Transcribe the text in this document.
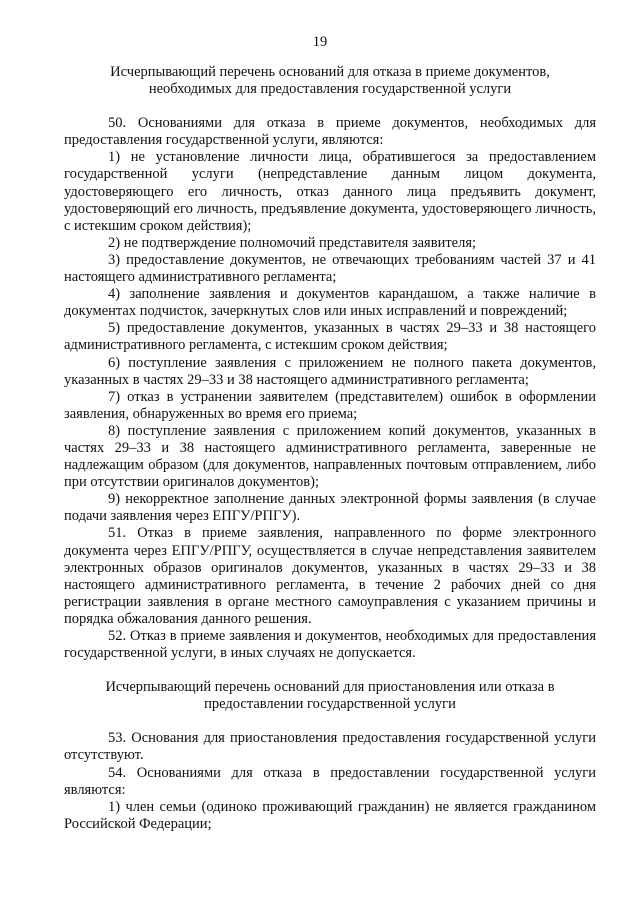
19
Исчерпывающий перечень оснований для отказа в приеме документов,
необходимых для предоставления государственной услуги

50. Основаниями для отказа в приеме документов, необходимых для предоставления государственной услуги, являются:

1) не установление личности лица, обратившегося за предоставлением государственной услуги (непредставление данным лицом документа, удостоверяющего его личность, отказ данного лица предъявить документ, удостоверяющий его личность, предъявление документа, удостоверяющего личность, с истекшим сроком действия);

2) не подтверждение полномочий представителя заявителя;

3) предоставление документов, не отвечающих требованиям частей 37 и 41 настоящего административного регламента;

4) заполнение заявления и документов карандашом, а также наличие в документах подчисток, зачеркнутых слов или иных исправлений и повреждений;

5) предоставление документов, указанных в частях 29–33 и 38 настоящего административного регламента, с истекшим сроком действия;

6) поступление заявления с приложением не полного пакета документов, указанных в частях 29–33 и 38 настоящего административного регламента;

7) отказ в устранении заявителем (представителем) ошибок в оформлении заявления, обнаруженных во время его приема;

8) поступление заявления с приложением копий документов, указанных в частях 29–33 и 38 настоящего административного регламента, заверенные не надлежащим образом (для документов, направленных почтовым отправлением, либо при отсутствии оригиналов документов);

9) некорректное заполнение данных электронной формы заявления (в случае подачи заявления через ЕПГУ/РПГУ).

51. Отказ в приеме заявления, направленного по форме электронного документа через ЕПГУ/РПГУ, осуществляется в случае непредставления заявителем электронных образов оригиналов документов, указанных в частях 29–33 и 38 настоящего административного регламента, в течение 2 рабочих дней со дня регистрации заявления в органе местного самоуправления с указанием причины и порядка обжалования данного решения.

52. Отказ в приеме заявления и документов, необходимых для предоставления государственной услуги, в иных случаях не допускается.

Исчерпывающий перечень оснований для приостановления или отказа в
предоставлении государственной услуги

53. Основания для приостановления предоставления государственной услуги отсутствуют.

54. Основаниями для отказа в предоставлении государственной услуги являются:

1) член семьи (одиноко проживающий гражданин) не является гражданином Российской Федерации;
